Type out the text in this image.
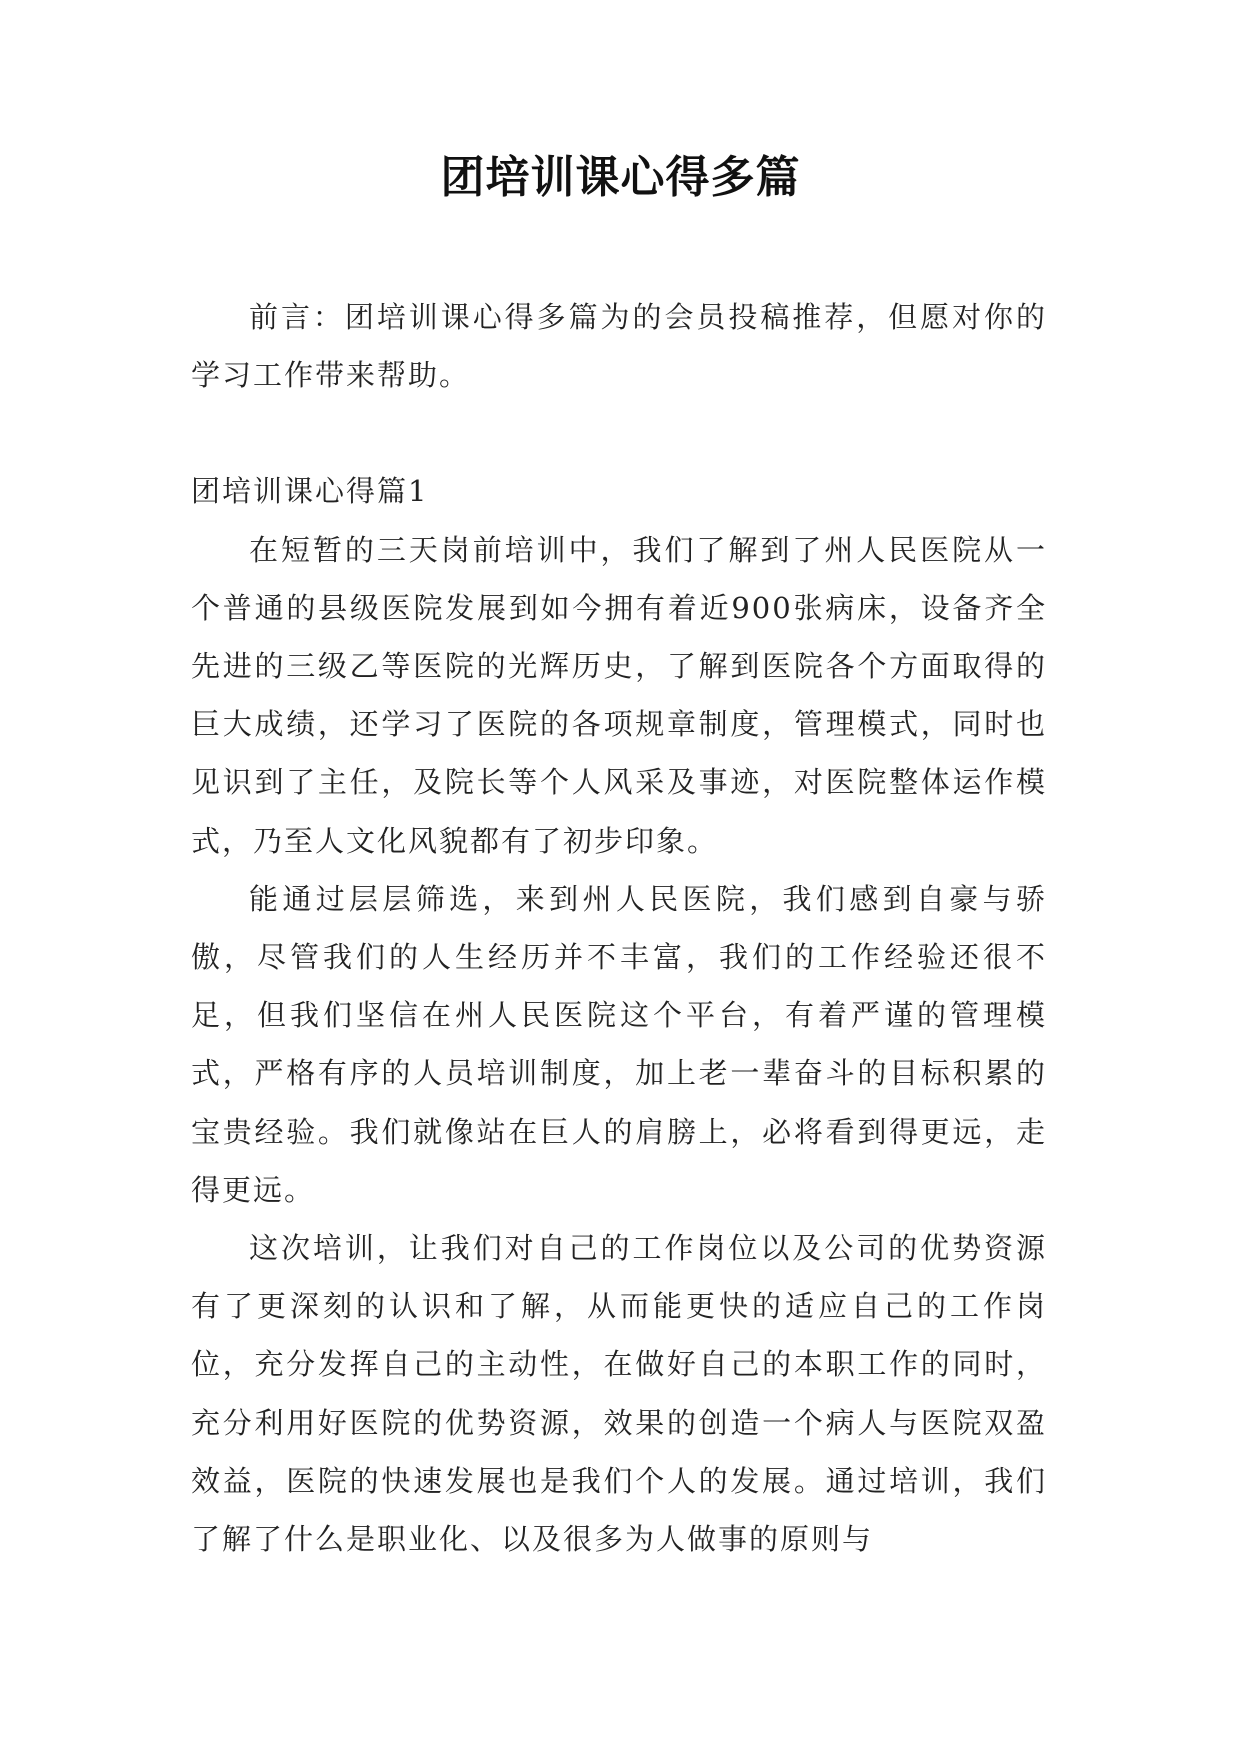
团培训课心得多篇

前言：团培训课心得多篇为的会员投稿推荐，但愿对你的学习工作带来帮助。

团培训课心得篇1

在短暂的三天岗前培训中，我们了解到了州人民医院从一个普通的县级医院发展到如今拥有着近900张病床，设备齐全先进的三级乙等医院的光辉历史，了解到医院各个方面取得的巨大成绩，还学习了医院的各项规章制度，管理模式，同时也见识到了主任，及院长等个人风采及事迹，对医院整体运作模式，乃至人文化风貌都有了初步印象。

能通过层层筛选，来到州人民医院，我们感到自豪与骄傲，尽管我们的人生经历并不丰富，我们的工作经验还很不足，但我们坚信在州人民医院这个平台，有着严谨的管理模式，严格有序的人员培训制度，加上老一辈奋斗的目标积累的宝贵经验。我们就像站在巨人的肩膀上，必将看到得更远，走得更远。

这次培训，让我们对自己的工作岗位以及公司的优势资源有了更深刻的认识和了解，从而能更快的适应自己的工作岗位，充分发挥自己的主动性，在做好自己的本职工作的同时，充分利用好医院的优势资源，效果的创造一个病人与医院双盈效益，医院的快速发展也是我们个人的发展。通过培训，我们了解了什么是职业化、以及很多为人做事的原则与
